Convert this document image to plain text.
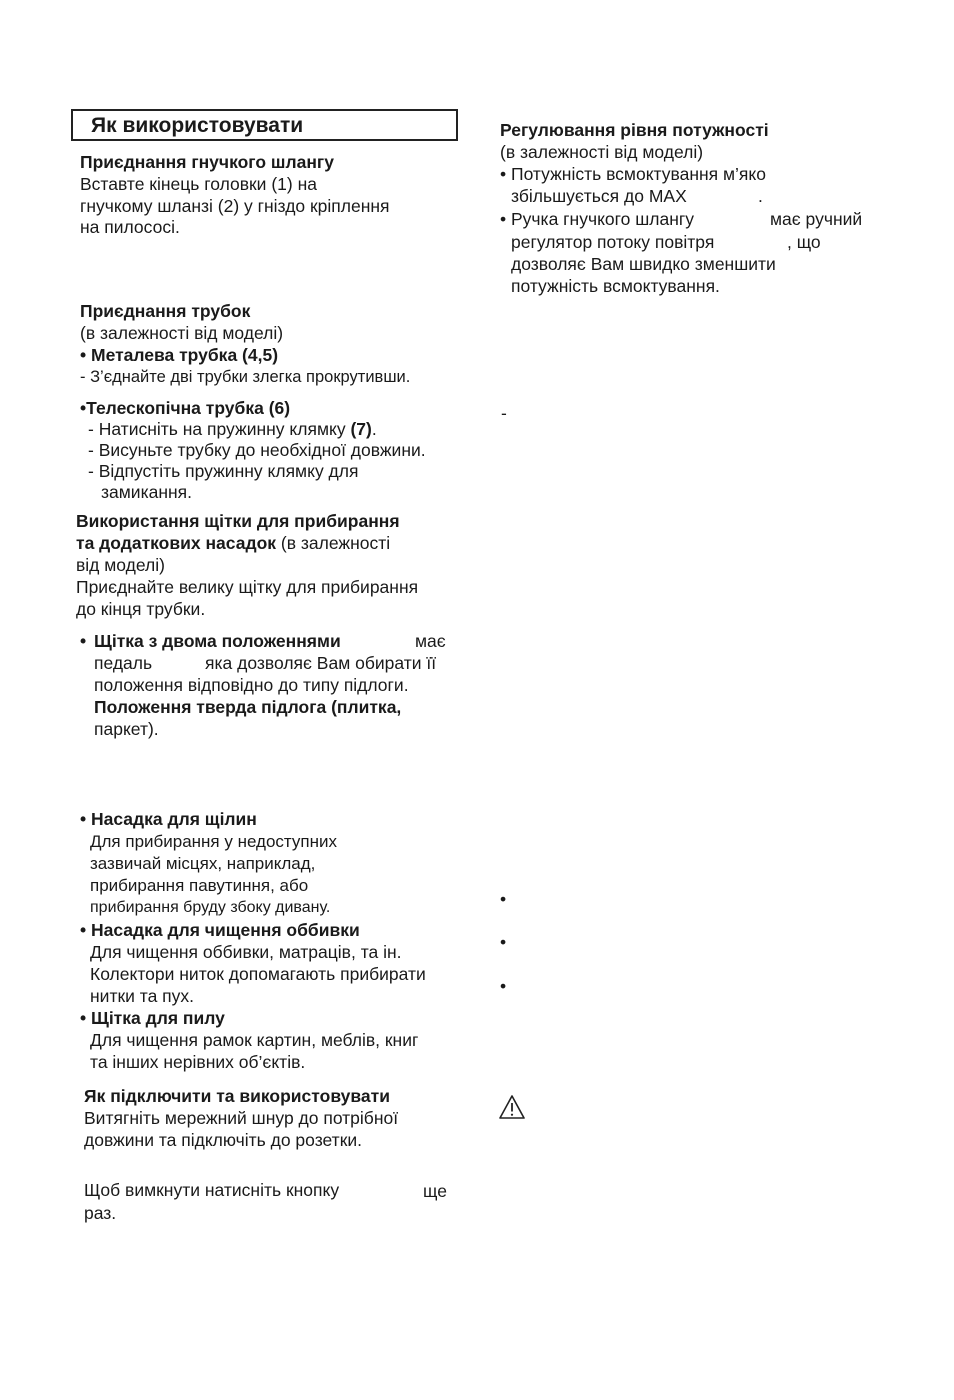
Як використовувати
Приєднання гнучкого шлангу
Вставте кінець головки (1) на
гнучкому шланзі (2) у гніздо кріплення
на пилососі.
Приєднання трубок
(в залежності від моделі)
• Металева трубка (4,5)
- З’єднайте дві трубки злегка прокрутивши.
•Телескопічна трубка (6)
- Натисніть на пружинну клямку (7).
- Висуньте трубку до необхідної довжини.
- Відпустіть пружинну клямку для
замикання.
Використання щітки для прибирання
та додаткових насадок (в залежності
від моделі)
Приєднайте велику щітку для прибирання
до кінця трубки.
• Щітка з двома положеннями	має
педаль	яка дозволяє Вам обирати її
положення відповідно до типу підлоги.
Положення тверда підлога (плитка,
паркет).
• Насадка для щілин
Для прибирання у недоступних
зазвичай місцях, наприклад,
прибирання павутиння, або
прибирання бруду збоку дивану.
• Насадка для чищення оббивки
Для чищення оббивки, матраців, та ін.
Колектори ниток допомагають прибирати
нитки та пух.
• Щітка для пилу
Для чищення рамок картин, меблів, книг
та інших нерівних об’єктів.
Як підключити та використовувати
Витягніть мережний шнур до потрібної
довжини та підключіть до розетки.
Щоб вимкнути натисніть кнопку	ще
раз.
Регулювання рівня потужності
(в залежності від моделі)
• Потужність всмоктування м’яко
збільшується до MAX	.
• Ручка гнучкого шлангу	має ручний
регулятор потоку повітря	, що
дозволяє Вам швидко зменшити
потужність всмоктування.
-
•
•
•
